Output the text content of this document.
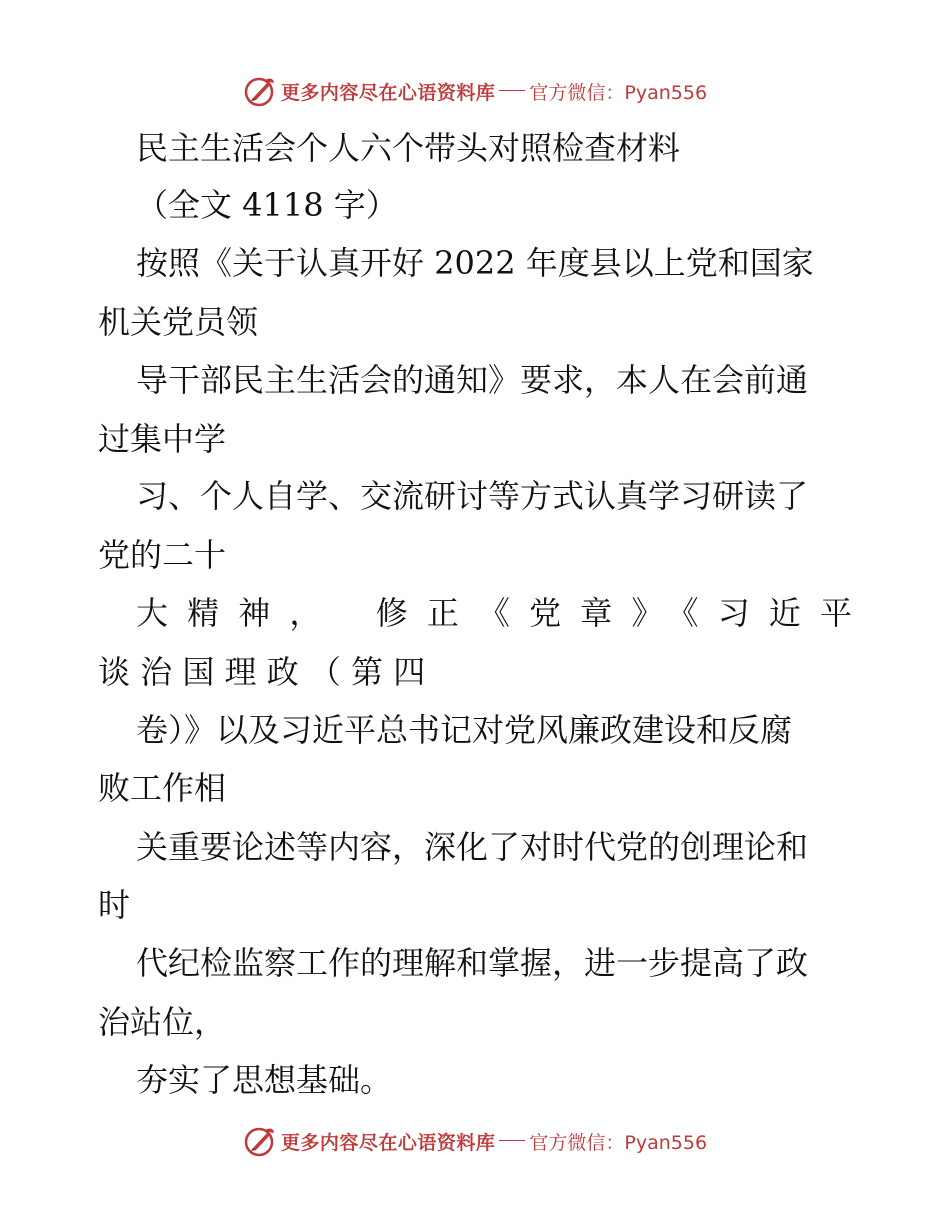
更多内容尽在心语资料库 官方微信：Pyan556
民主生活会个人六个带头对照检查材料
（全文 4118 字）
按照《关于认真开好 2022 年度县以上党和国家
机关党员领
导干部民主生活会的通知》要求，本人在会前通
过集中学
习、个人自学、交流研讨等方式认真学习研读了
党的二十
大精神，　修正《党章》《习近平
谈 治 国 理 政 （ 第 四
卷）》以及习近平总书记对党风廉政建设和反腐
败工作相
关重要论述等内容，深化了对时代党的创理论和
时
代纪检监察工作的理解和掌握，进一步提高了政
治站位，
夯实了思想基础。
更多内容尽在心语资料库 官方微信：Pyan556
